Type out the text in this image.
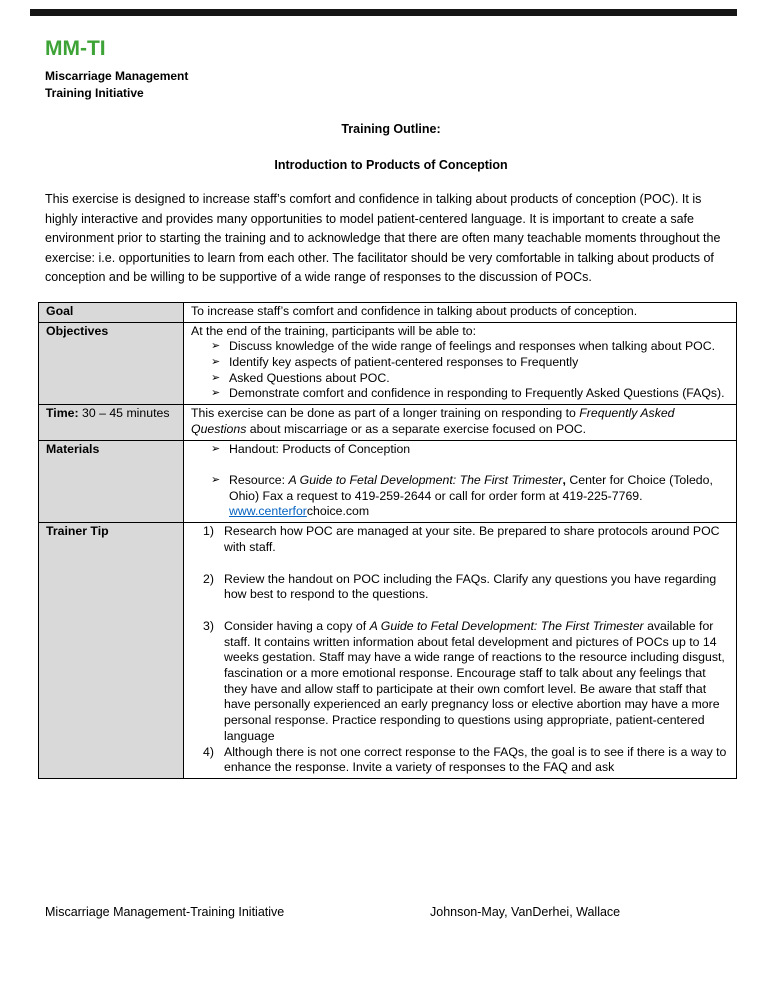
MM-TI
Miscarriage Management
Training Initiative
Training Outline:
Introduction to Products of Conception

This exercise is designed to increase staff’s comfort and confidence in talking about products of conception (POC). It is highly interactive and provides many opportunities to model patient-centered language. It is important to create a safe environment prior to starting the training and to acknowledge that there are often many teachable moments throughout the exercise: i.e. opportunities to learn from each other. The facilitator should be very comfortable in talking about products of conception and be willing to be supportive of a wide range of responses to the discussion of POCs.

Goal	To increase staff’s comfort and confidence in talking about products of conception.
Objectives	At the end of the training, participants will be able to:
➢ Discuss knowledge of the wide range of feelings and responses when talking about POC.
➢ Identify key aspects of patient-centered responses to Frequently
➢ Asked Questions about POC.
➢ Demonstrate comfort and confidence in responding to Frequently Asked Questions (FAQs).

Time: 30 – 45 minutes	This exercise can be done as part of a longer training on responding to Frequently Asked Questions about miscarriage or as a separate exercise focused on POC.
Materials	➢ Handout: Products of Conception
➢ Resource: A Guide to Fetal Development: The First Trimester, Center for Choice (Toledo, Ohio) Fax a request to 419-259-2644 or call for order form at 419-225-7769. www.centerforchoice.com

Trainer Tip	1) Research how POC are managed at your site. Be prepared to share protocols around POC with staff.
2) Review the handout on POC including the FAQs. Clarify any questions you have regarding how best to respond to the questions.
3) Consider having a copy of A Guide to Fetal Development: The First Trimester available for staff. It contains written information about fetal development and pictures of POCs up to 14 weeks gestation. Staff may have a wide range of reactions to the resource including disgust, fascination or a more emotional response. Encourage staff to talk about any feelings that they have and allow staff to participate at their own comfort level. Be aware that staff that have personally experienced an early pregnancy loss or elective abortion may have a more personal response. Practice responding to questions using appropriate, patient-centered language
4) Although there is not one correct response to the FAQs, the goal is to see if there is a way to enhance the response. Invite a variety of responses to the FAQ and ask
Miscarriage Management-Training Initiative	Johnson-May, VanDerhei, Wallace
